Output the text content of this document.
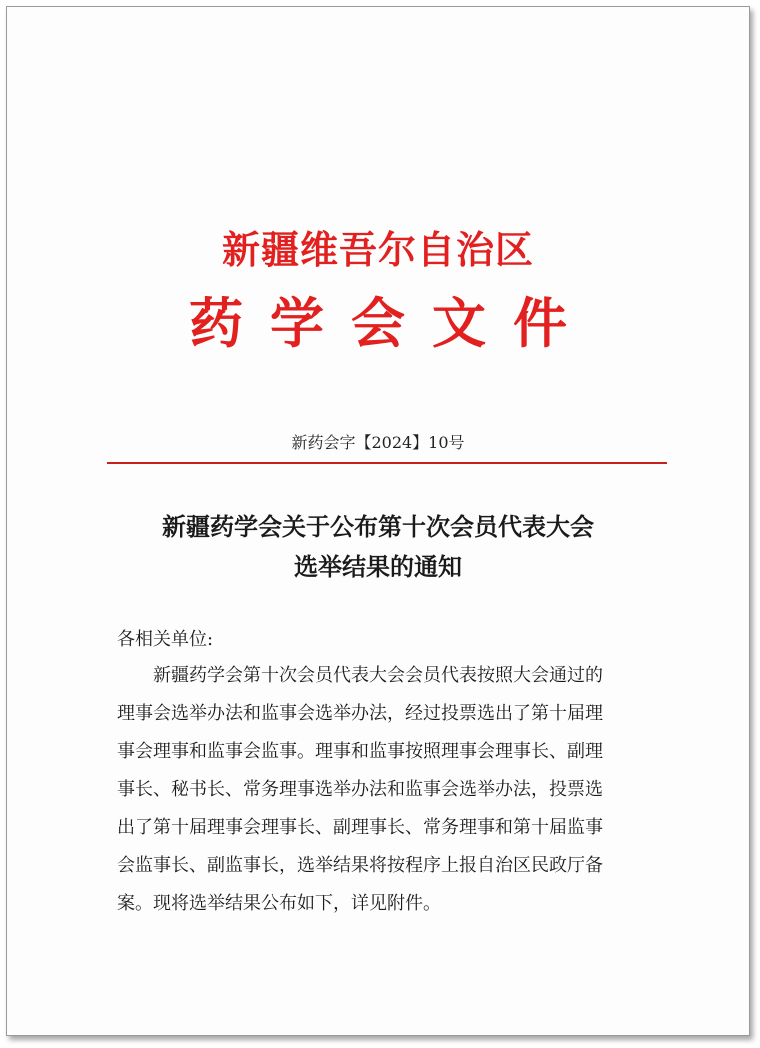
新疆维吾尔自治区
药学会文件

新药会字【2024】10号

新疆药学会关于公布第十次会员代表大会
选举结果的通知

各相关单位:

新疆药学会第十次会员代表大会会员代表按照大会通过的
理事会选举办法和监事会选举办法，经过投票选出了第十届理
事会理事和监事会监事。理事和监事按照理事会理事长、副理
事长、秘书长、常务理事选举办法和监事会选举办法，投票选
出了第十届理事会理事长、副理事长、常务理事和第十届监事
会监事长、副监事长，选举结果将按程序上报自治区民政厅备
案。现将选举结果公布如下，详见附件。
